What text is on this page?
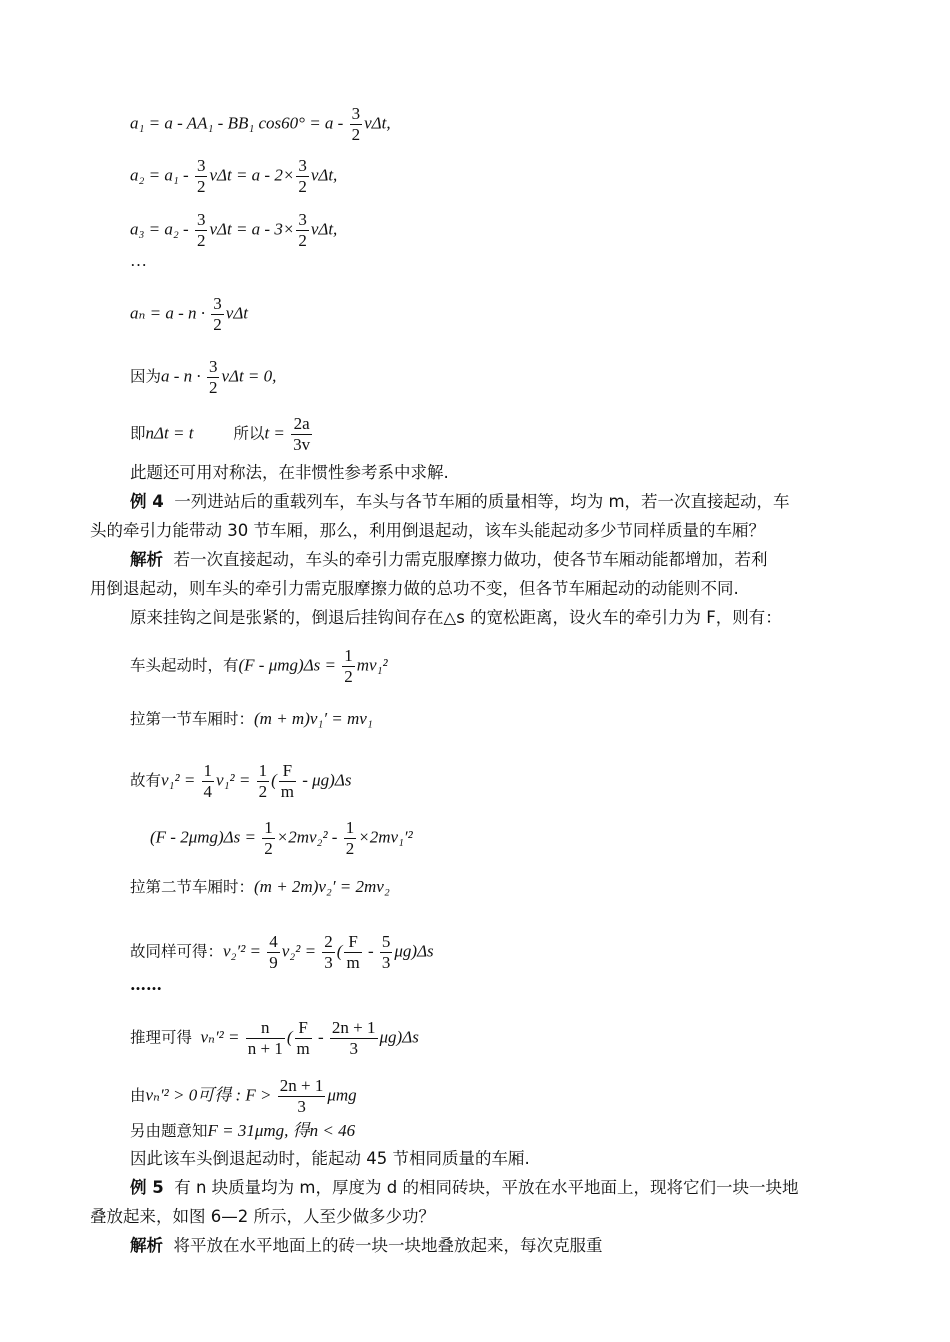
a₁ = a - AA₁ - BB₁ $\cos 60^\circ = a - \frac{3}{2} v\Delta t$,
$a_2 = a_1 - \frac{3}{2}$ $v\Delta t = a - 2\times \frac{3}{2} v\Delta t$,
$a_3 = a_2 - \frac{3}{2}$ $v\Delta t = a - 3\times \frac{3}{2} v\Delta t$,
…
$a_n = a - n \cdot \frac{3}{2}$ vΔt
因为$a - n \cdot \frac{3}{2}$ vΔt = 0,
即nΔt = t	所以$t = \frac{2a}{3v}$
此题还可用对称法，在非惯性参考系中求解.
例 4 一列进站后的重载列车，车头与各节车厢的质量相等，均为 m，若一次直接起动，车
头的牵引力能带动 30 节车厢，那么，利用倒退起动，该车头能起动多少节同样质量的车厢？
解析 若一次直接起动，车头的牵引力需克服摩擦力做功，使各节车厢动能都增加，若利
用倒退起动，则车头的牵引力需克服摩擦力做的总功不变，但各节车厢起动的动能则不同.
原来挂钩之间是张紧的，倒退后挂钩间存在△s 的宽松距离，设火车的牵引力为 F，则有：
车头起动时，有$(F - \mu mg)\Delta s = \frac{1}{2} mv_1^2$
拉第一节车厢时：(m + m)v₁′ = mv₁
故有$v_1^2 = \frac{1}{4} v_1^2 = \frac{1}{2}$ ( $\frac{F}{m} - \mu g)\Delta s$
$(F - 2\mu mg)\Delta s = \frac{1}{2} \times 2mv_2^2 - \frac{1}{2} \times 2mv_1'^2$
拉第二节车厢时：(m + 2m)v₂′ = 2mv₂
故同样可得：$v_2'^2 = \frac{4}{9} v_2^2 = \frac{2}{3}$ ( $\frac{F}{m} - \frac{5}{3} \mu g)\Delta s$
……
推理可得 $v_n'^2 = \frac{n}{n + 1}$ ( $\frac{F}{m} - \frac{2n + 1}{3} \mu g)\Delta s$
由vₙ′² > 0可得 : $F > \frac{2n + 1}{3}$ μmg
另由题意知F = 31μmg, 得n < 46
因此该车头倒退起动时，能起动 45 节相同质量的车厢.
例 5 有 n 块质量均为 m，厚度为 d 的相同砖块，平放在水平地面上，现将它们一块一块地
叠放起来，如图 6—2 所示，人至少做多少功？
解析 将平放在水平地面上的砖一块一块地叠放起来，每次克服重
